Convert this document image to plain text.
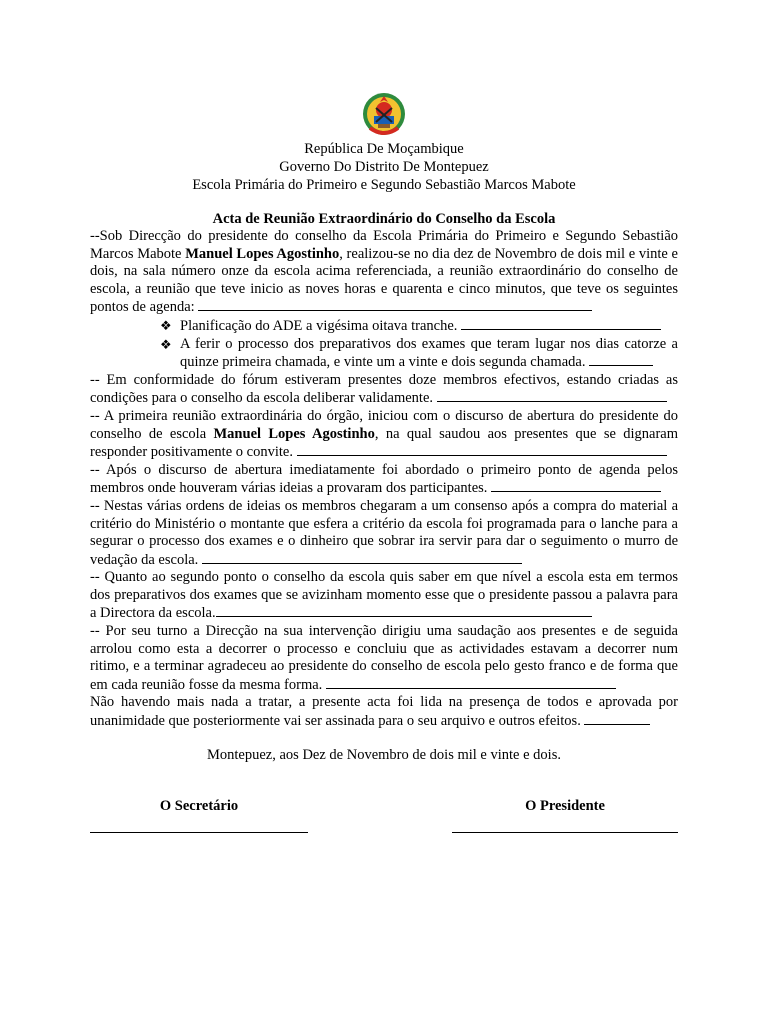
República De Moçambique
Governo Do Distrito De Montepuez
Escola Primária do Primeiro e Segundo Sebastião Marcos Mabote
Acta de Reunião Extraordinário do Conselho da Escola

--Sob Direcção do presidente do conselho da Escola Primária do Primeiro e Segundo Sebastião Marcos Mabote Manuel Lopes Agostinho, realizou-se no dia dez de Novembro de dois mil e vinte e dois, na sala número onze da escola acima referenciada, a reunião extraordinário do conselho de escola, a reunião que teve inicio as noves horas e quarenta e cinco minutos, que teve os seguintes pontos de agenda:

❖ Planificação do ADE a vigésima oitava tranche.
❖ A ferir o processo dos preparativos dos exames que teram lugar nos dias catorze a quinze primeira chamada, e vinte um a vinte e dois segunda chamada.

-- Em conformidade do fórum estiveram presentes doze membros efectivos, estando criadas as condições para o conselho da escola deliberar validamente.

-- A primeira reunião extraordinária do órgão, iniciou com o discurso de abertura do presidente do conselho de escola Manuel Lopes Agostinho, na qual saudou aos presentes que se dignaram responder positivamente o convite.

-- Após o discurso de abertura imediatamente foi abordado o primeiro ponto de agenda pelos membros onde houveram várias ideias a provaram dos participantes.

-- Nestas várias ordens de ideias os membros chegaram a um consenso após a compra do material a critério do Ministério o montante que esfera a critério da escola foi programada para o lanche para a segurar o processo dos exames e o dinheiro que sobrar ira servir para dar o seguimento o murro de vedação da escola.

-- Quanto ao segundo ponto o conselho da escola quis saber em que nível a escola esta em termos dos preparativos dos exames que se avizinham momento esse que o presidente passou a palavra para a Directora da escola.

-- Por seu turno a Direcção na sua intervenção dirigiu uma saudação aos presentes e de seguida arrolou como esta a decorrer o processo e concluiu que as actividades estavam a decorrer num ritimo, e a terminar agradeceu ao presidente do conselho de escola pelo gesto franco e de forma que em cada reunião fosse da mesma forma.

Não havendo mais nada a tratar, a presente acta foi lida na presença de todos e aprovada por unanimidade que posteriormente vai ser assinada para o seu arquivo e outros efeitos.

Montepuez, aos Dez de Novembro de dois mil e vinte e dois.
O Secretário	O Presidente
